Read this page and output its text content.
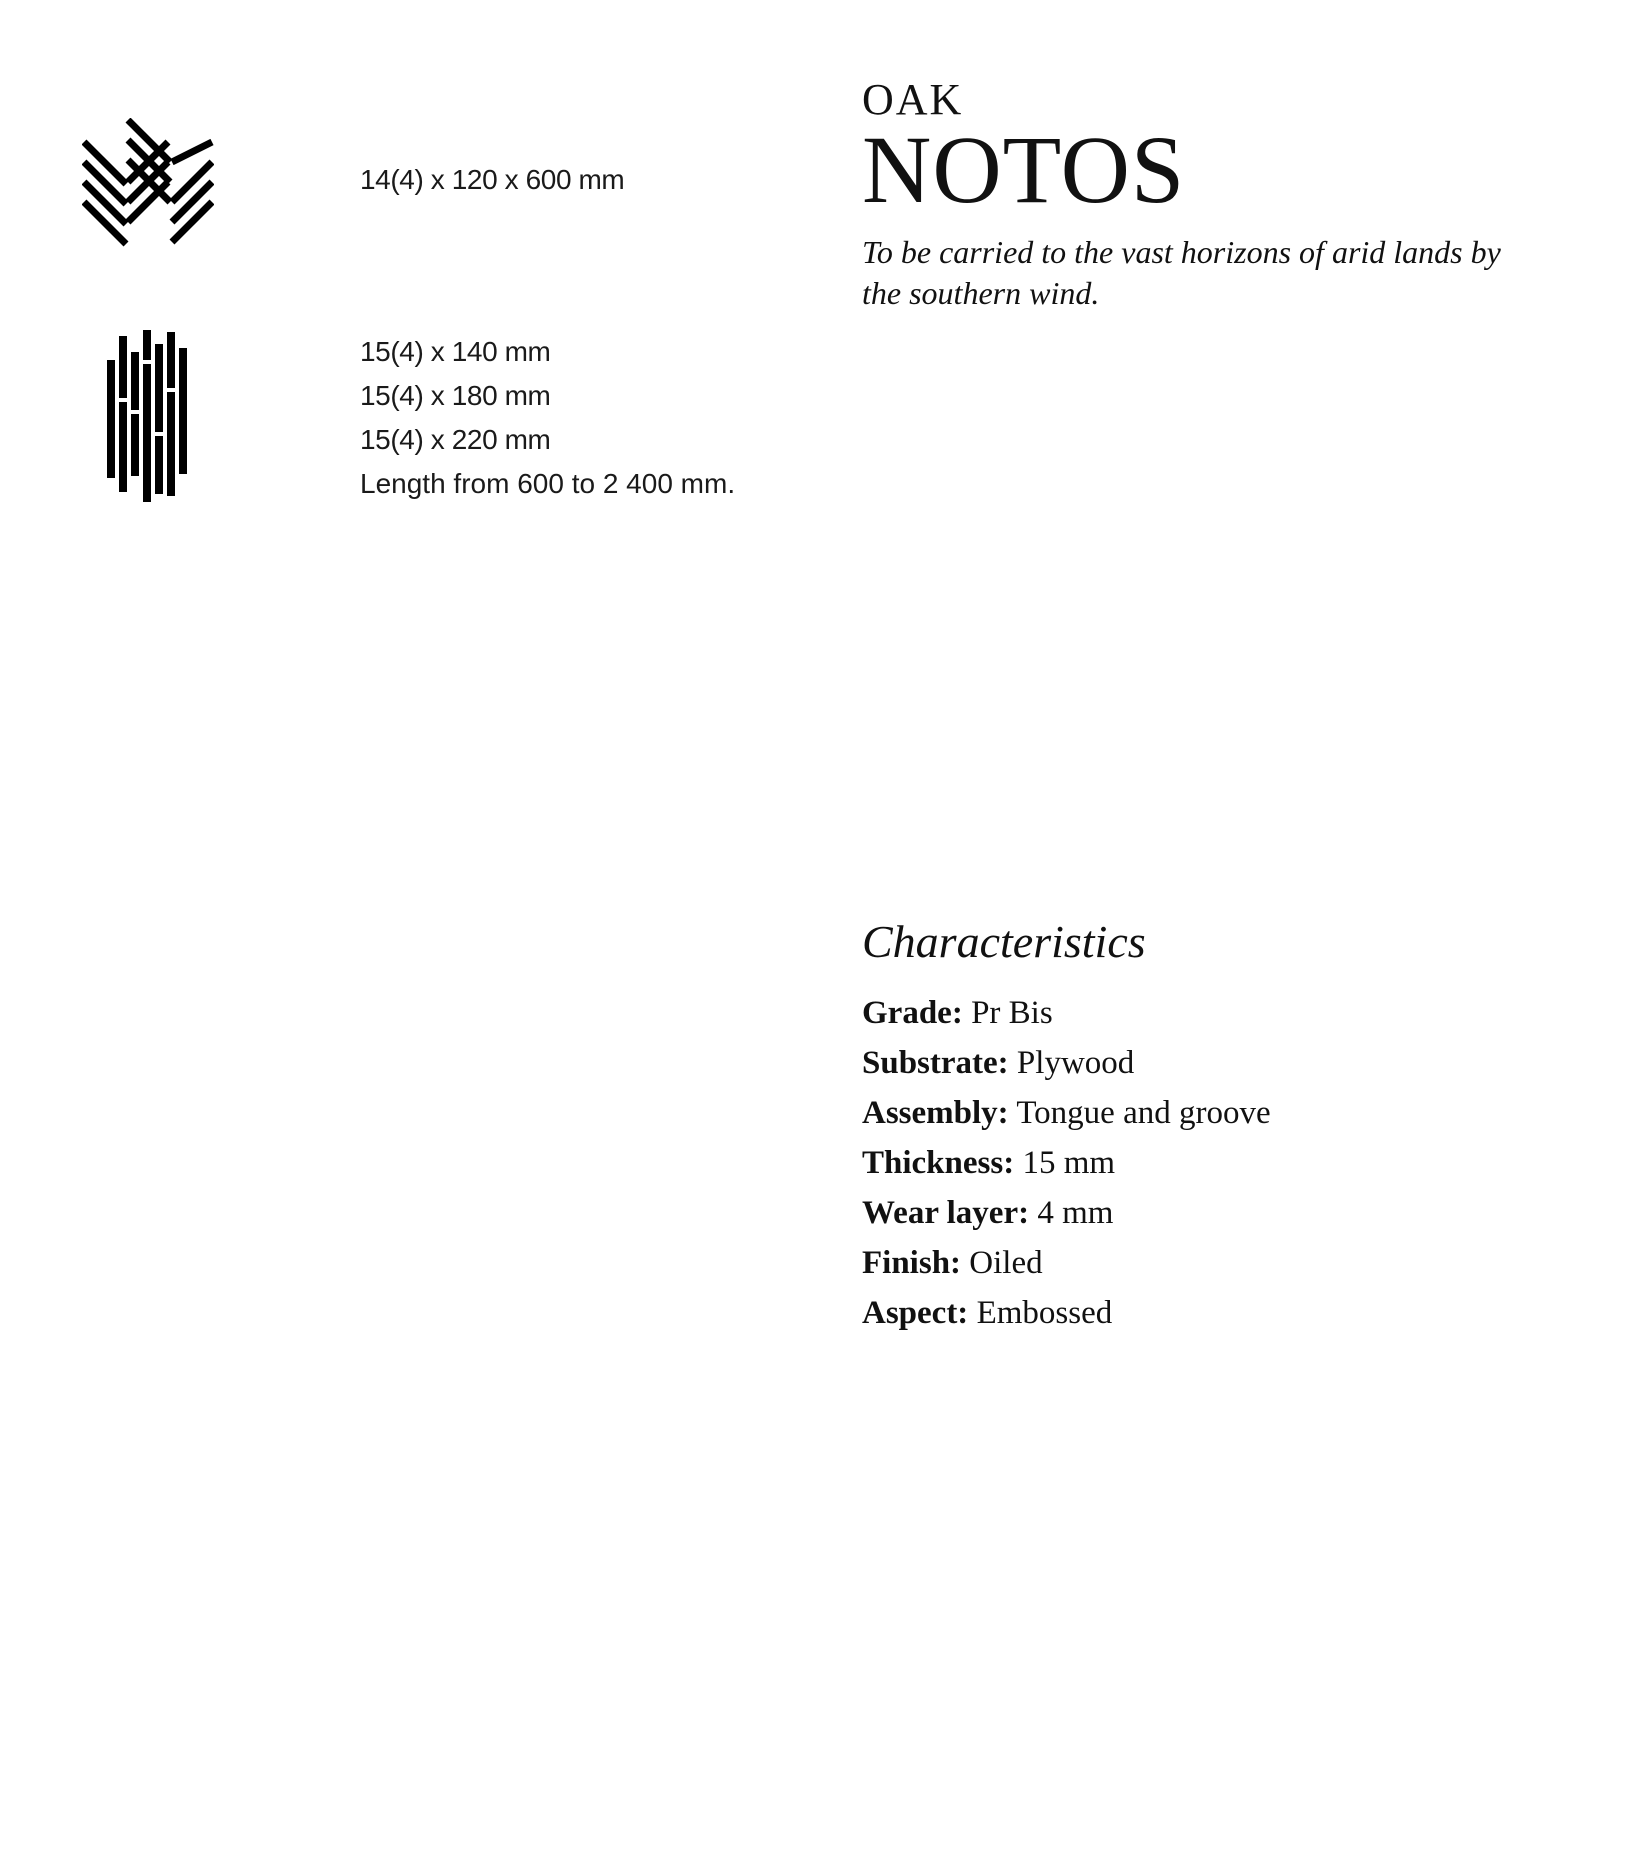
14(4) x 120 x 600 mm
15(4) x 140 mm
15(4) x 180 mm
15(4) x 220 mm
Length from 600 to 2 400 mm.
OAK
NOTOS
To be carried to the vast horizons of arid lands by the southern wind.
Characteristics
Grade: Pr Bis
Substrate: Plywood
Assembly: Tongue and groove
Thickness: 15 mm
Wear layer: 4 mm
Finish: Oiled
Aspect: Embossed
